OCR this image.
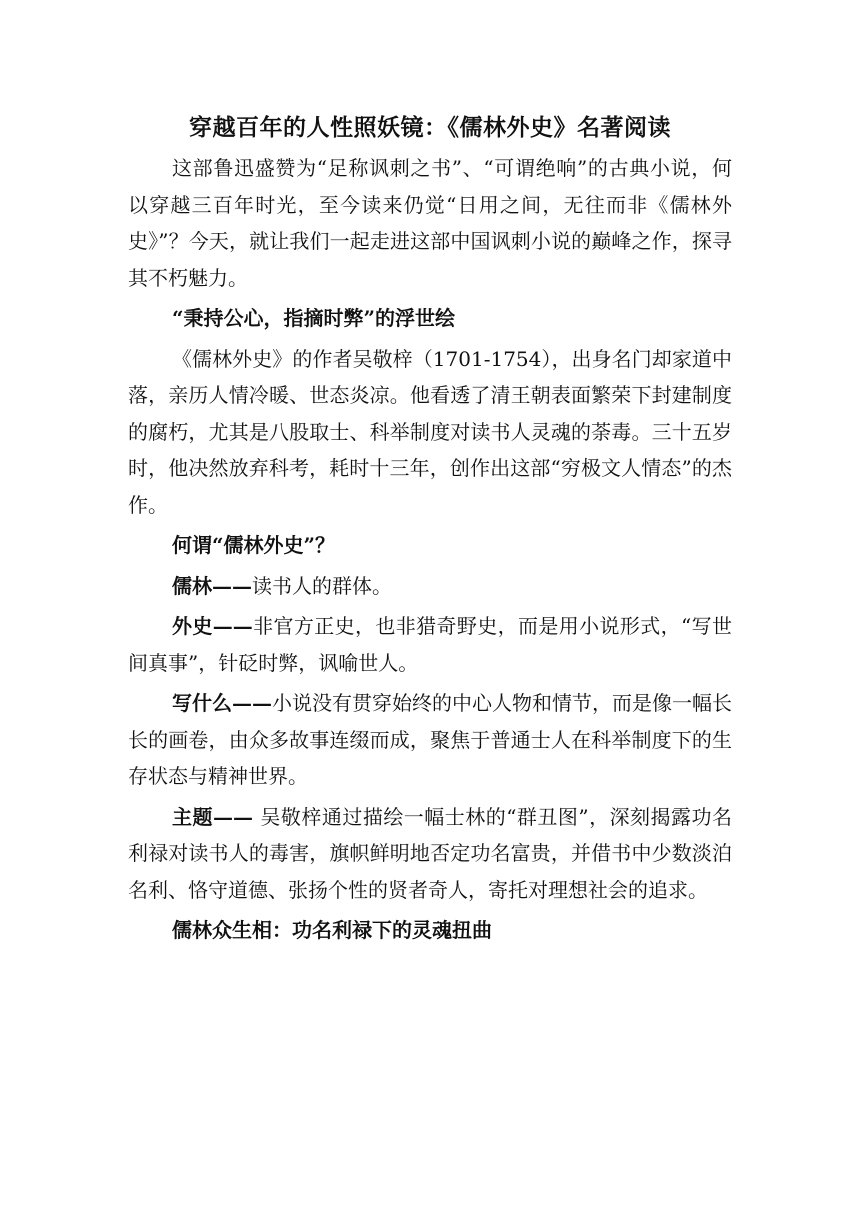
穿越百年的人性照妖镜：《儒林外史》名著阅读

这部鲁迅盛赞为“足称讽刺之书”、“可谓绝响”的古典小说，何以穿越三百年时光，至今读来仍觉“日用之间，无往而非《儒林外史》”？今天，就让我们一起走进这部中国讽刺小说的巅峰之作，探寻其不朽魅力。

“秉持公心，指摘时弊”的浮世绘

《儒林外史》的作者吴敬梓（1701-1754），出身名门却家道中落，亲历人情冷暖、世态炎凉。他看透了清王朝表面繁荣下封建制度的腐朽，尤其是八股取士、科举制度对读书人灵魂的荼毒。三十五岁时，他决然放弃科考，耗时十三年，创作出这部“穷极文人情态”的杰作。

何谓“儒林外史”？

儒林——读书人的群体。

外史——非官方正史，也非猎奇野史，而是用小说形式，“写世间真事”，针砭时弊，讽喻世人。

写什么——小说没有贯穿始终的中心人物和情节，而是像一幅长长的画卷，由众多故事连缀而成，聚焦于普通士人在科举制度下的生存状态与精神世界。

主题—— 吴敬梓通过描绘一幅士林的“群丑图”，深刻揭露功名利禄对读书人的毒害，旗帜鲜明地否定功名富贵，并借书中少数淡泊名利、恪守道德、张扬个性的贤者奇人，寄托对理想社会的追求。

儒林众生相：功名利禄下的灵魂扭曲
